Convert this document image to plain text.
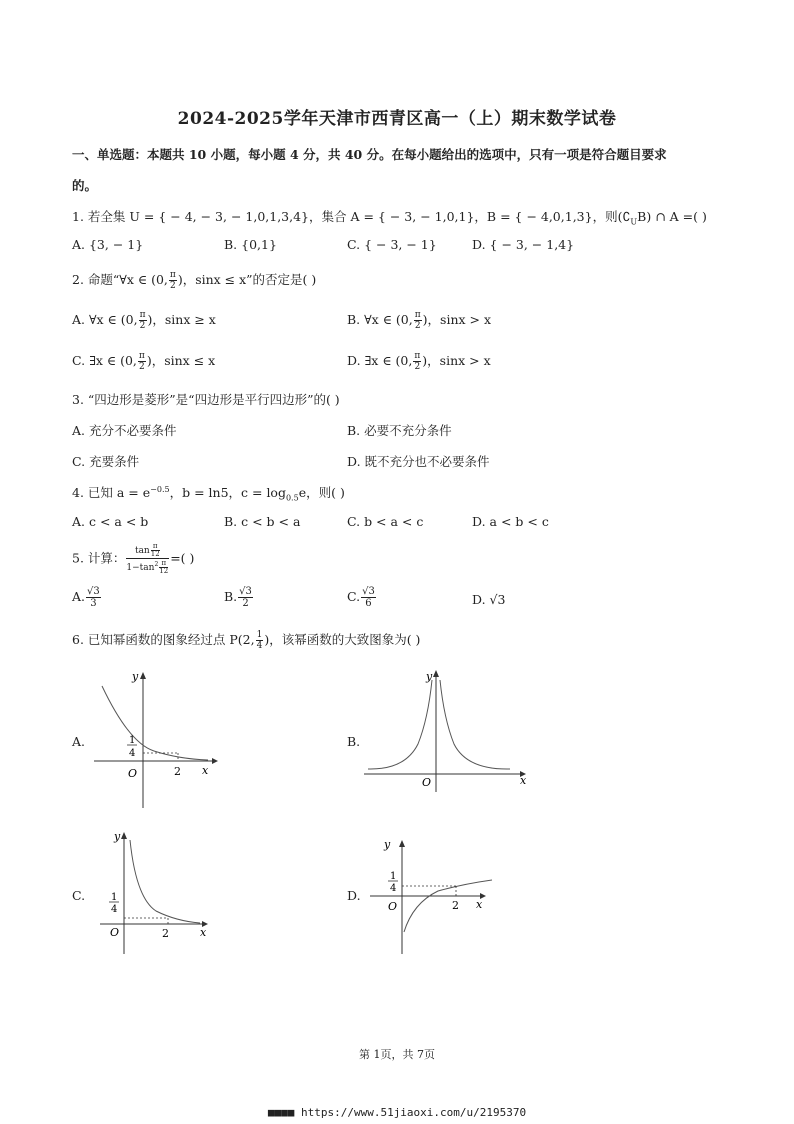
2024-2025学年天津市西青区高一（上）期末数学试卷
一、单选题：本题共 10 小题，每小题 4 分，共 40 分。在每小题给出的选项中，只有一项是符合题目要求
的。
1. 若全集 U = { − 4, − 3, − 1,0,1,3,4}，集合 A = { − 3, − 1,0,1}，B = { − 4,0,1,3}，则$(∁_UB)$ ∩ A =( )
A. {3, − 1}	B. {0,1}	C. { − 3, − 1}	D. { − 3, − 1,4}
2. 命题“∀x ∈ (0, $\frac{\pi}{2}$ )，sinx ≤ x”的否定是( )
A. ∀x ∈ (0, $\frac{\pi}{2}$ )，sinx ≥ x	B. ∀x ∈ (0, $\frac{\pi}{2}$ )，sinx > x
C. ∃x ∈ (0, $\frac{\pi}{2}$ )，sinx ≤ x	D. ∃x ∈ (0, $\frac{\pi}{2}$ )，sinx > x
3. “四边形是菱形”是“四边形是平行四边形”的( )
A. 充分不必要条件	B. 必要不充分条件
C. 充要条件	D. 既不充分也不必要条件
4. 已知 $a = e^{-0.5}$，b = ln5，$c = \log_{0.5}e$，则( )
A. c < a < b	B. c < b < a	C. b < a < c	D. a < b < c
5. 计算： $\frac{\tan \frac{\pi}{12}}{1-\tan^2 \frac{\pi}{12}}$ =( )
A. $\frac{√3}{3}$	B. $\frac{√3}{2}$	C. $\frac{√3}{6}$	D. √3
6. 已知幂函数的图象经过点 P(2, $\frac{1}{4}$ )，该幂函数的大致图象为( )
A.
y
x
O	2
1
4
B.
y
x
O
C.
y
x
O	2
1
4
D.
y
x
O	2
1
4
第 1页，共 7页
■■■■ https://www.51jiaoxi.com/u/2195370
